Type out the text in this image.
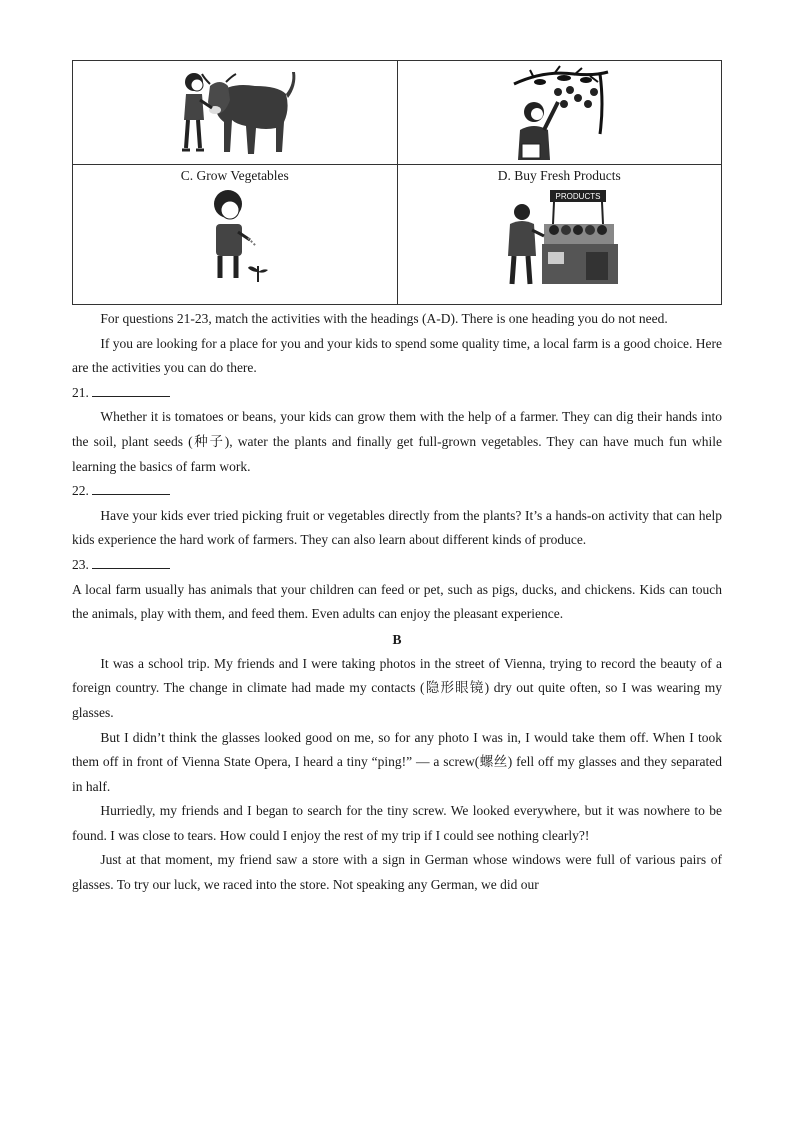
C. Grow Vegetables	D. Buy Fresh Products
PRODUCTS

For questions 21-23, match the activities with the headings (A-D). There is one heading you do not need.

If you are looking for a place for you and your kids to spend some quality time, a local farm is a good choice. Here are the activities you can do there.

21.

Whether it is tomatoes or beans, your kids can grow them with the help of a farmer. They can dig their hands into the soil, plant seeds (种子), water the plants and finally get full-grown vegetables. They can have much fun while learning the basics of farm work.

22.

Have your kids ever tried picking fruit or vegetables directly from the plants? It’s a hands-on activity that can help kids experience the hard work of farmers. They can also learn about different kinds of produce.

23.

A local farm usually has animals that your children can feed or pet, such as pigs, ducks, and chickens. Kids can touch the animals, play with them, and feed them. Even adults can enjoy the pleasant experience.

B

It was a school trip. My friends and I were taking photos in the street of Vienna, trying to record the beauty of a foreign country. The change in climate had made my contacts (隐形眼镜) dry out quite often, so I was wearing my glasses.

But I didn’t think the glasses looked good on me, so for any photo I was in, I would take them off. When I took them off in front of Vienna State Opera, I heard a tiny “ping!” — a screw(螺丝) fell off my glasses and they separated in half.

Hurriedly, my friends and I began to search for the tiny screw. We looked everywhere, but it was nowhere to be found. I was close to tears. How could I enjoy the rest of my trip if I could see nothing clearly?!

Just at that moment, my friend saw a store with a sign in German whose windows were full of various pairs of glasses. To try our luck, we raced into the store. Not speaking any German, we did our
